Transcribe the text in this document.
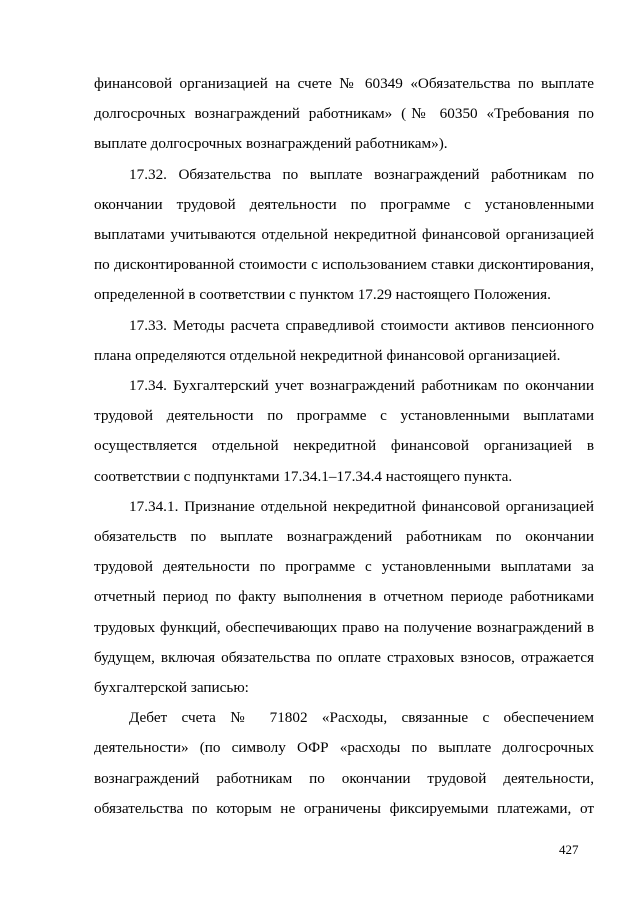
финансовой организацией на счете № 60349 «Обязательства по выплате долгосрочных вознаграждений работникам» (№ 60350 «Требования по выплате долгосрочных вознаграждений работникам»).

17.32. Обязательства по выплате вознаграждений работникам по окончании трудовой деятельности по программе с установленными выплатами учитываются отдельной некредитной финансовой организацией по дисконтированной стоимости с использованием ставки дисконтирования, определенной в соответствии с пунктом 17.29 настоящего Положения.

17.33. Методы расчета справедливой стоимости активов пенсионного плана определяются отдельной некредитной финансовой организацией.

17.34. Бухгалтерский учет вознаграждений работникам по окончании трудовой деятельности по программе с установленными выплатами осуществляется отдельной некредитной финансовой организацией в соответствии с подпунктами 17.34.1–17.34.4 настоящего пункта.

17.34.1. Признание отдельной некредитной финансовой организацией обязательств по выплате вознаграждений работникам по окончании трудовой деятельности по программе с установленными выплатами за отчетный период по факту выполнения в отчетном периоде работниками трудовых функций, обеспечивающих право на получение вознаграждений в будущем, включая обязательства по оплате страховых взносов, отражается бухгалтерской записью:

Дебет счета № 71802 «Расходы, связанные с обеспечением деятельности» (по символу ОФР «расходы по выплате долгосрочных вознаграждений работникам по окончании трудовой деятельности, обязательства по которым не ограничены фиксируемыми платежами, от

427
